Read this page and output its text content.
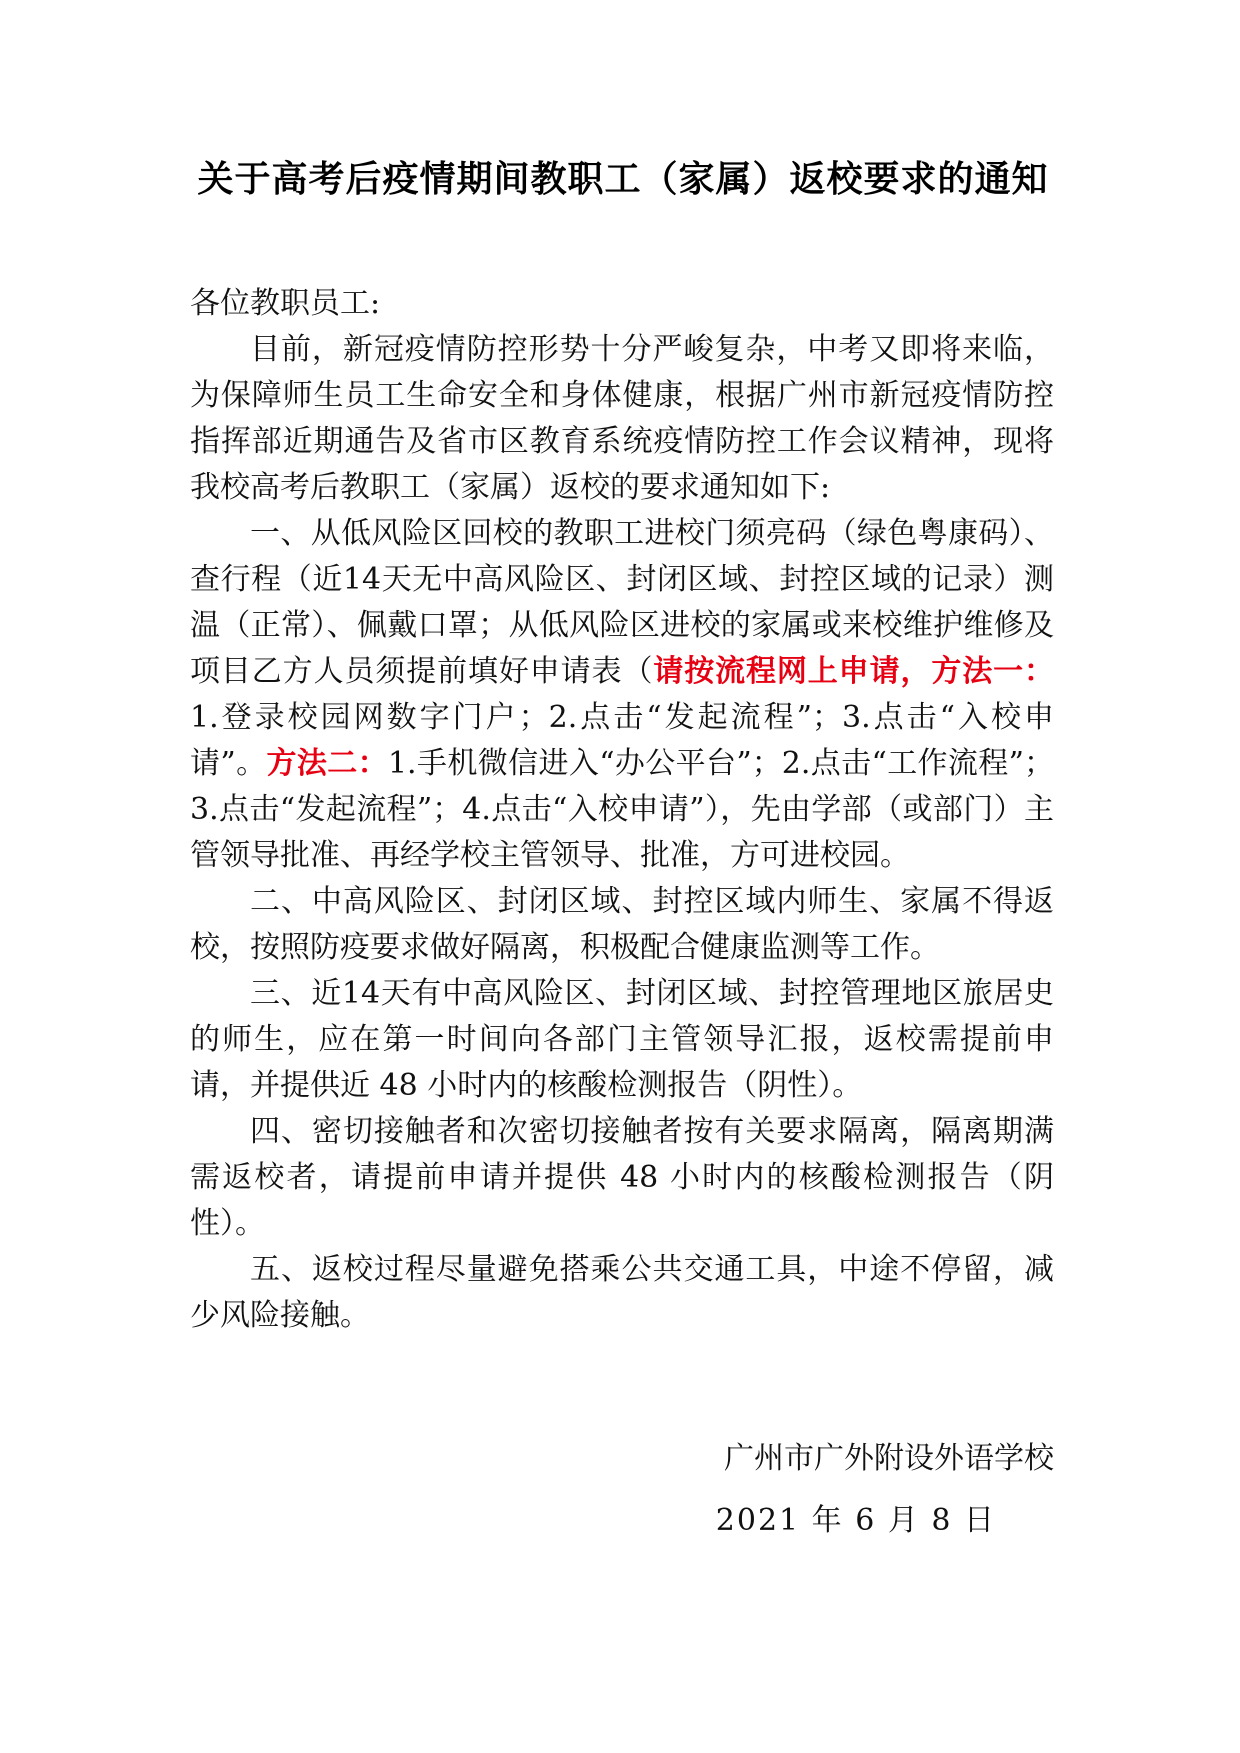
关于高考后疫情期间教职工（家属）返校要求的通知

各位教职员工:

目前，新冠疫情防控形势十分严峻复杂，中考又即将来临，为保障师生员工生命安全和身体健康，根据广州市新冠疫情防控指挥部近期通告及省市区教育系统疫情防控工作会议精神，现将我校高考后教职工（家属）返校的要求通知如下:

一、从低风险区回校的教职工进校门须亮码（绿色粤康码）、查行程（近14天无中高风险区、封闭区域、封控区域的记录）测温（正常）、佩戴口罩；从低风险区进校的家属或来校维护维修及项目乙方人员须提前填好申请表（请按流程网上申请，方法一：1.登录校园网数字门户；2.点击“发起流程”；3.点击“入校申请”。方法二：1.手机微信进入“办公平台”；2.点击“工作流程”；3.点击“发起流程”；4.点击“入校申请”），先由学部（或部门）主管领导批准、再经学校主管领导、批准，方可进校园。

二、中高风险区、封闭区域、封控区域内师生、家属不得返校，按照防疫要求做好隔离，积极配合健康监测等工作。

三、近14天有中高风险区、封闭区域、封控管理地区旅居史的师生，应在第一时间向各部门主管领导汇报，返校需提前申请，并提供近 48 小时内的核酸检测报告（阴性）。

四、密切接触者和次密切接触者按有关要求隔离，隔离期满需返校者，请提前申请并提供 48 小时内的核酸检测报告（阴性）。

五、返校过程尽量避免搭乘公共交通工具，中途不停留，减少风险接触。

广州市广外附设外语学校
2021 年 6 月 8 日
